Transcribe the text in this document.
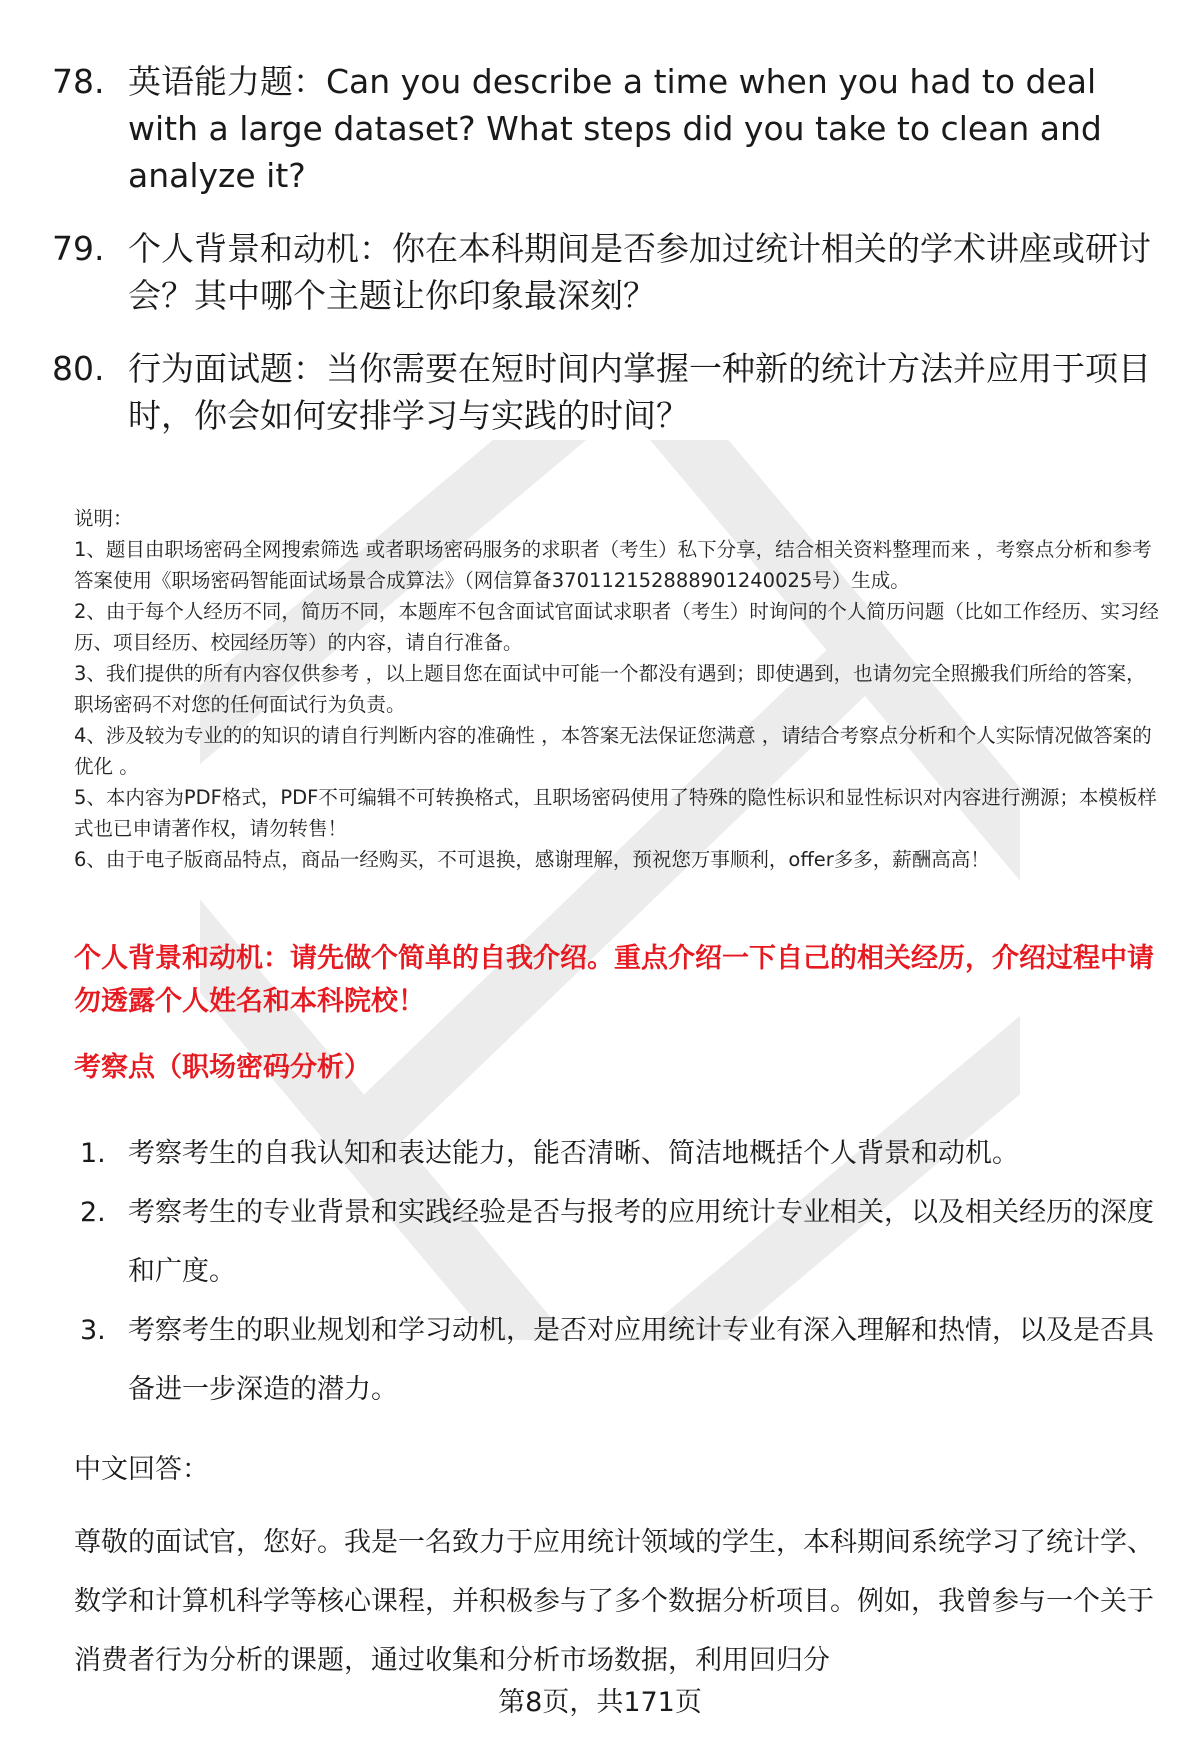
78. 英语能力题：Can you describe a time when you had to deal with a large dataset? What steps did you take to clean and analyze it?
79. 个人背景和动机：你在本科期间是否参加过统计相关的学术讲座或研讨会？其中哪个主题让你印象最深刻？
80. 行为面试题：当你需要在短时间内掌握一种新的统计方法并应用于项目时，你会如何安排学习与实践的时间？

说明：

1、题目由职场密码全网搜索筛选 或者职场密码服务的求职者（考生）私下分享，结合相关资料整理而来 ，考察点分析和参考答案使用《职场密码智能面试场景合成算法》（网信算备370112152888901240025号）生成。

2、由于每个人经历不同，简历不同，本题库不包含面试官面试求职者（考生）时询问的个人简历问题（比如工作经历、实习经历、项目经历、校园经历等）的内容，请自行准备。

3、我们提供的所有内容仅供参考 ，以上题目您在面试中可能一个都没有遇到；即使遇到，也请勿完全照搬我们所给的答案，职场密码不对您的任何面试行为负责。

4、涉及较为专业的的知识的请自行判断内容的准确性 ，本答案无法保证您满意 ，请结合考察点分析和个人实际情况做答案的优化 。

5、本内容为PDF格式，PDF不可编辑不可转换格式，且职场密码使用了特殊的隐性标识和显性标识对内容进行溯源；本模板样式也已申请著作权，请勿转售！

6、由于电子版商品特点，商品一经购买，不可退换，感谢理解，预祝您万事顺利，offer多多，薪酬高高！

个人背景和动机：请先做个简单的自我介绍。重点介绍一下自己的相关经历，介绍过程中请勿透露个人姓名和本科院校！

考察点（职场密码分析）

1. 考察考生的自我认知和表达能力，能否清晰、简洁地概括个人背景和动机。
2. 考察考生的专业背景和实践经验是否与报考的应用统计专业相关，以及相关经历的深度和广度。
3. 考察考生的职业规划和学习动机，是否对应用统计专业有深入理解和热情，以及是否具备进一步深造的潜力。

中文回答：

尊敬的面试官，您好。我是一名致力于应用统计领域的学生，本科期间系统学习了统计学、数学和计算机科学等核心课程，并积极参与了多个数据分析项目。例如，我曾参与一个关于消费者行为分析的课题，通过收集和分析市场数据，利用回归分

第8页，共171页
